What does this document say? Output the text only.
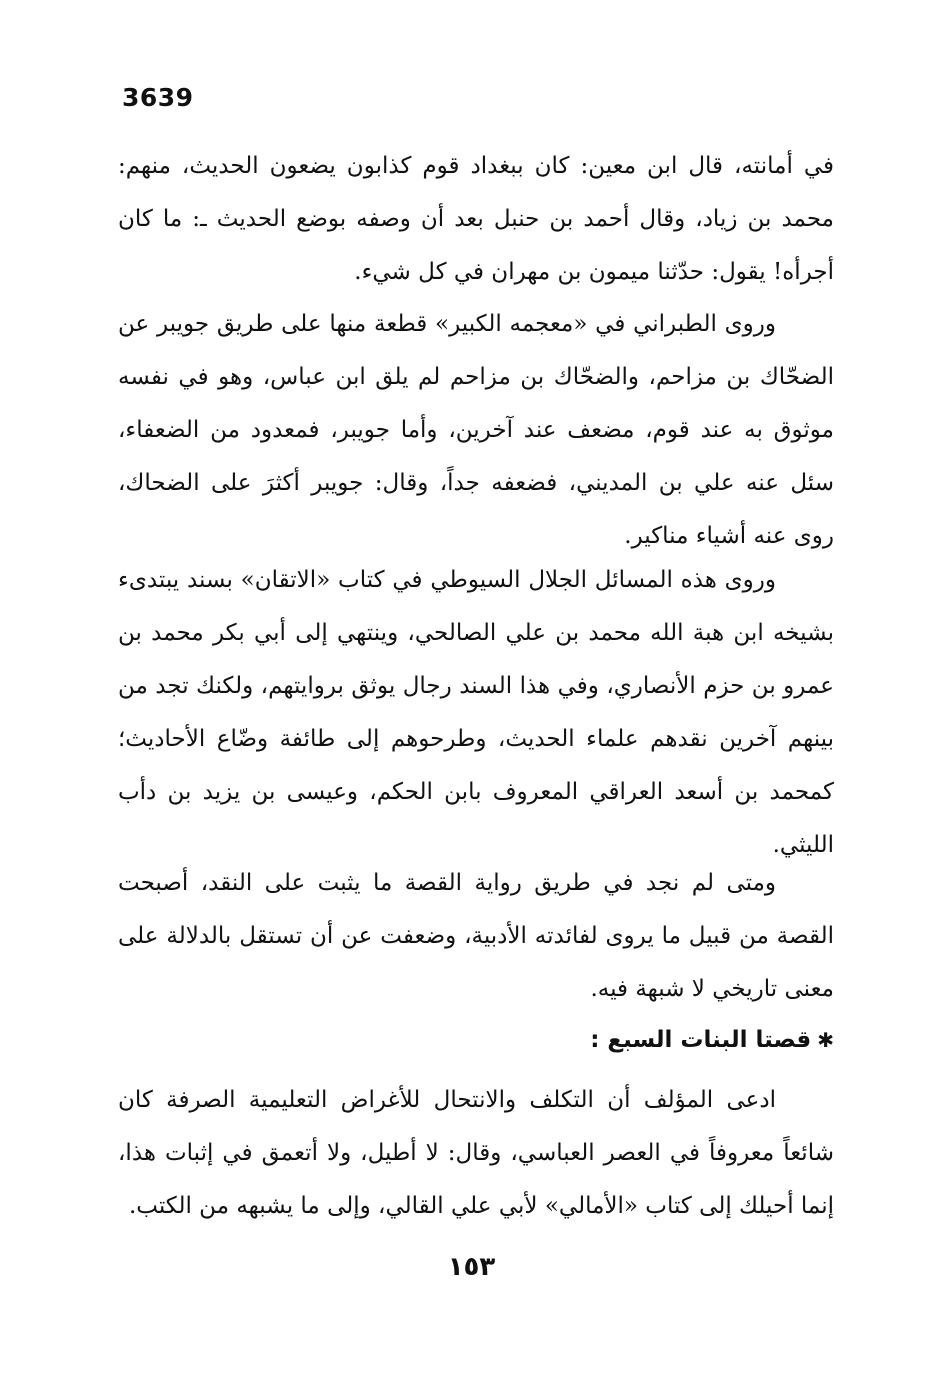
3639

في أمانته، قال ابن معين: كان ببغداد قوم كذابون يضعون الحديث، منهم: محمد بن زياد، وقال أحمد بن حنبل بعد أن وصفه بوضع الحديث ـ: ما كان أجرأه! يقول: حدّثنا ميمون بن مهران في كل شيء.

وروى الطبراني في «معجمه الكبير» قطعة منها على طريق جويبر عن الضحّاك بن مزاحم، والضحّاك بن مزاحم لم يلق ابن عباس، وهو في نفسه موثوق به عند قوم، مضعف عند آخرين، وأما جويبر، فمعدود من الضعفاء، سئل عنه علي بن المديني، فضعفه جداً، وقال: جويبر أكثرَ على الضحاك، روى عنه أشياء مناكير.

وروى هذه المسائل الجلال السيوطي في كتاب «الاتقان» بسند يبتدىء بشيخه ابن هبة الله محمد بن علي الصالحي، وينتهي إلى أبي بكر محمد بن عمرو بن حزم الأنصاري، وفي هذا السند رجال يوثق بروايتهم، ولكنك تجد من بينهم آخرين نقدهم علماء الحديث، وطرحوهم إلى طائفة وضّاع الأحاديث؛ كمحمد بن أسعد العراقي المعروف بابن الحكم، وعيسى بن يزيد بن دأب الليثي.

ومتى لم نجد في طريق رواية القصة ما يثبت على النقد، أصبحت القصة من قبيل ما يروى لفائدته الأدبية، وضعفت عن أن تستقل بالدلالة على معنى تاريخي لا شبهة فيه.

✱قصتا البنات السبع :

ادعى المؤلف أن التكلف والانتحال للأغراض التعليمية الصرفة كان شائعاً معروفاً في العصر العباسي، وقال: لا أطيل، ولا أتعمق في إثبات هذا، إنما أحيلك إلى كتاب «الأمالي» لأبي علي القالي، وإلى ما يشبهه من الكتب.

١٥٣
